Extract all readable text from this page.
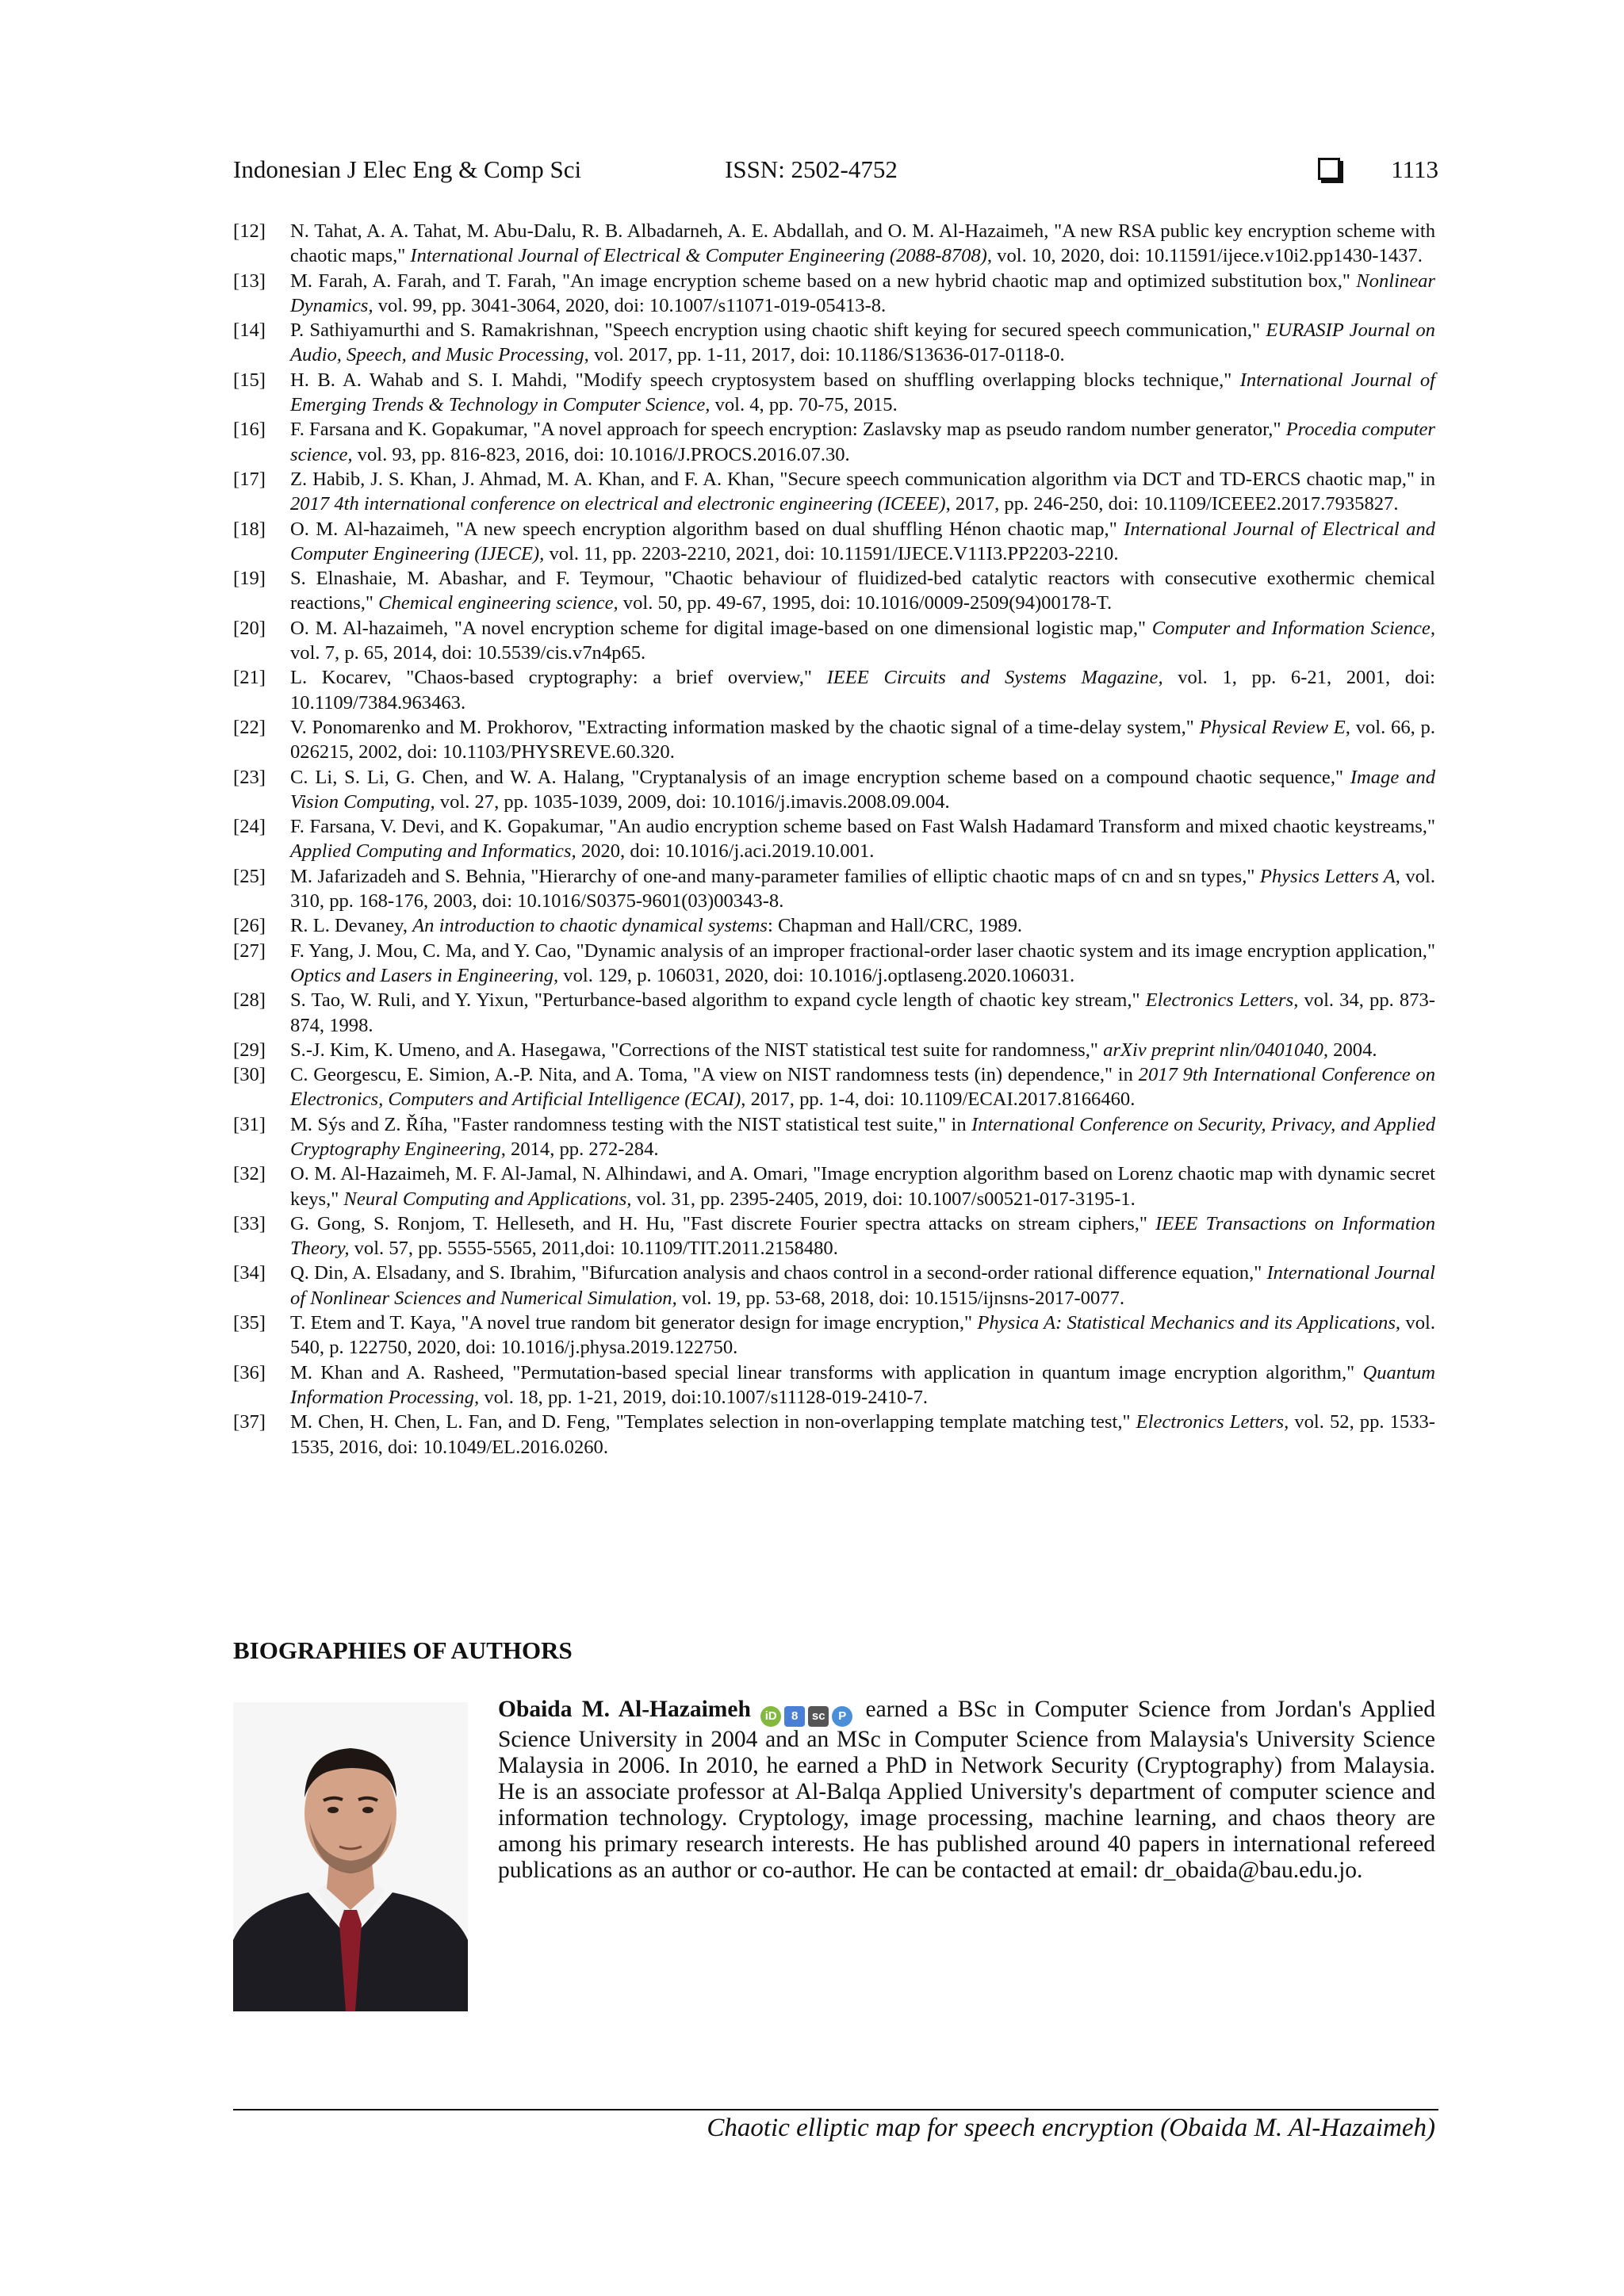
Indonesian J Elec Eng & Comp Sci	ISSN: 2502-4752	1113
[12]	N. Tahat, A. A. Tahat, M. Abu-Dalu, R. B. Albadarneh, A. E. Abdallah, and O. M. Al-Hazaimeh, "A new RSA public key encryption scheme with chaotic maps," International Journal of Electrical & Computer Engineering (2088-8708), vol. 10, 2020, doi: 10.11591/ijece.v10i2.pp1430-1437.
[13]	M. Farah, A. Farah, and T. Farah, "An image encryption scheme based on a new hybrid chaotic map and optimized substitution box," Nonlinear Dynamics, vol. 99, pp. 3041-3064, 2020, doi: 10.1007/s11071-019-05413-8.
[14]	P. Sathiyamurthi and S. Ramakrishnan, "Speech encryption using chaotic shift keying for secured speech communication," EURASIP Journal on Audio, Speech, and Music Processing, vol. 2017, pp. 1-11, 2017, doi: 10.1186/S13636-017-0118-0.
[15]	H. B. A. Wahab and S. I. Mahdi, "Modify speech cryptosystem based on shuffling overlapping blocks technique," International Journal of Emerging Trends & Technology in Computer Science, vol. 4, pp. 70-75, 2015.
[16]	F. Farsana and K. Gopakumar, "A novel approach for speech encryption: Zaslavsky map as pseudo random number generator," Procedia computer science, vol. 93, pp. 816-823, 2016, doi: 10.1016/J.PROCS.2016.07.30.
[17]	Z. Habib, J. S. Khan, J. Ahmad, M. A. Khan, and F. A. Khan, "Secure speech communication algorithm via DCT and TD-ERCS chaotic map," in 2017 4th international conference on electrical and electronic engineering (ICEEE), 2017, pp. 246-250, doi: 10.1109/ICEEE2.2017.7935827.
[18]	O. M. Al-hazaimeh, "A new speech encryption algorithm based on dual shuffling Hénon chaotic map," International Journal of Electrical and Computer Engineering (IJECE), vol. 11, pp. 2203-2210, 2021, doi: 10.11591/IJECE.V11I3.PP2203-2210.
[19]	S. Elnashaie, M. Abashar, and F. Teymour, "Chaotic behaviour of fluidized-bed catalytic reactors with consecutive exothermic chemical reactions," Chemical engineering science, vol. 50, pp. 49-67, 1995, doi: 10.1016/0009-2509(94)00178-T.
[20]	O. M. Al-hazaimeh, "A novel encryption scheme for digital image-based on one dimensional logistic map," Computer and Information Science, vol. 7, p. 65, 2014, doi: 10.5539/cis.v7n4p65.
[21]	L. Kocarev, "Chaos-based cryptography: a brief overview," IEEE Circuits and Systems Magazine, vol. 1, pp. 6-21, 2001, doi: 10.1109/7384.963463.
[22]	V. Ponomarenko and M. Prokhorov, "Extracting information masked by the chaotic signal of a time-delay system," Physical Review E, vol. 66, p. 026215, 2002, doi: 10.1103/PHYSREVE.60.320.
[23]	C. Li, S. Li, G. Chen, and W. A. Halang, "Cryptanalysis of an image encryption scheme based on a compound chaotic sequence," Image and Vision Computing, vol. 27, pp. 1035-1039, 2009, doi: 10.1016/j.imavis.2008.09.004.
[24]	F. Farsana, V. Devi, and K. Gopakumar, "An audio encryption scheme based on Fast Walsh Hadamard Transform and mixed chaotic keystreams," Applied Computing and Informatics, 2020, doi: 10.1016/j.aci.2019.10.001.
[25]	M. Jafarizadeh and S. Behnia, "Hierarchy of one-and many-parameter families of elliptic chaotic maps of cn and sn types," Physics Letters A, vol. 310, pp. 168-176, 2003, doi: 10.1016/S0375-9601(03)00343-8.
[26]	R. L. Devaney, An introduction to chaotic dynamical systems: Chapman and Hall/CRC, 1989.
[27]	F. Yang, J. Mou, C. Ma, and Y. Cao, "Dynamic analysis of an improper fractional-order laser chaotic system and its image encryption application," Optics and Lasers in Engineering, vol. 129, p. 106031, 2020, doi: 10.1016/j.optlaseng.2020.106031.
[28]	S. Tao, W. Ruli, and Y. Yixun, "Perturbance-based algorithm to expand cycle length of chaotic key stream," Electronics Letters, vol. 34, pp. 873-874, 1998.
[29]	S.-J. Kim, K. Umeno, and A. Hasegawa, "Corrections of the NIST statistical test suite for randomness," arXiv preprint nlin/0401040, 2004.
[30]	C. Georgescu, E. Simion, A.-P. Nita, and A. Toma, "A view on NIST randomness tests (in) dependence," in 2017 9th International Conference on Electronics, Computers and Artificial Intelligence (ECAI), 2017, pp. 1-4, doi: 10.1109/ECAI.2017.8166460.
[31]	M. Sýs and Z. Říha, "Faster randomness testing with the NIST statistical test suite," in International Conference on Security, Privacy, and Applied Cryptography Engineering, 2014, pp. 272-284.
[32]	O. M. Al-Hazaimeh, M. F. Al-Jamal, N. Alhindawi, and A. Omari, "Image encryption algorithm based on Lorenz chaotic map with dynamic secret keys," Neural Computing and Applications, vol. 31, pp. 2395-2405, 2019, doi: 10.1007/s00521-017-3195-1.
[33]	G. Gong, S. Ronjom, T. Helleseth, and H. Hu, "Fast discrete Fourier spectra attacks on stream ciphers," IEEE Transactions on Information Theory, vol. 57, pp. 5555-5565, 2011,doi: 10.1109/TIT.2011.2158480.
[34]	Q. Din, A. Elsadany, and S. Ibrahim, "Bifurcation analysis and chaos control in a second-order rational difference equation," International Journal of Nonlinear Sciences and Numerical Simulation, vol. 19, pp. 53-68, 2018, doi: 10.1515/ijnsns-2017-0077.
[35]	T. Etem and T. Kaya, "A novel true random bit generator design for image encryption," Physica A: Statistical Mechanics and its Applications, vol. 540, p. 122750, 2020, doi: 10.1016/j.physa.2019.122750.
[36]	M. Khan and A. Rasheed, "Permutation-based special linear transforms with application in quantum image encryption algorithm," Quantum Information Processing, vol. 18, pp. 1-21, 2019, doi:10.1007/s11128-019-2410-7.
[37]	M. Chen, H. Chen, L. Fan, and D. Feng, "Templates selection in non-overlapping template matching test," Electronics Letters, vol. 52, pp. 1533-1535, 2016, doi: 10.1049/EL.2016.0260.
BIOGRAPHIES OF AUTHORS
Obaida M. Al-Hazaimeh iD 8 sc P earned a BSc in Computer Science from Jordan's Applied Science University in 2004 and an MSc in Computer Science from Malaysia's University Science Malaysia in 2006. In 2010, he earned a PhD in Network Security (Cryptography) from Malaysia. He is an associate professor at Al-Balqa Applied University's department of computer science and information technology. Cryptology, image processing, machine learning, and chaos theory are among his primary research interests. He has published around 40 papers in international refereed publications as an author or co-author. He can be contacted at email: dr_obaida@bau.edu.jo.
Chaotic elliptic map for speech encryption (Obaida M. Al-Hazaimeh)
